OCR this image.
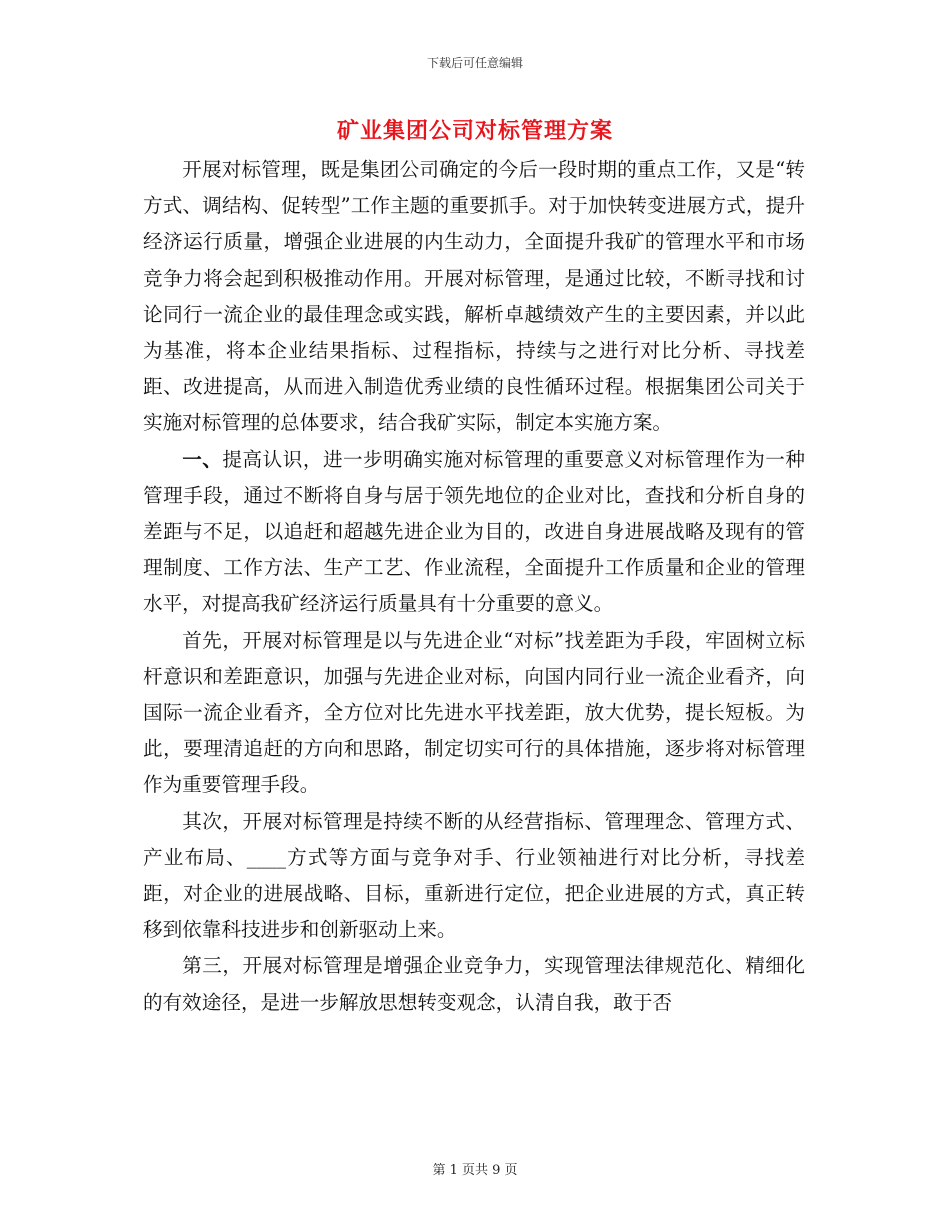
下载后可任意编辑
矿业集团公司对标管理方案

开展对标管理，既是集团公司确定的今后一段时期的重点工作，又是“转方式、调结构、促转型”工作主题的重要抓手。对于加快转变进展方式，提升经济运行质量，增强企业进展的内生动力，全面提升我矿的管理水平和市场竞争力将会起到积极推动作用。开展对标管理，是通过比较，不断寻找和讨论同行一流企业的最佳理念或实践，解析卓越绩效产生的主要因素，并以此为基准，将本企业结果指标、过程指标，持续与之进行对比分析、寻找差距、改进提高，从而进入制造优秀业绩的良性循环过程。根据集团公司关于实施对标管理的总体要求，结合我矿实际，制定本实施方案。

一、提高认识，进一步明确实施对标管理的重要意义对标管理作为一种管理手段，通过不断将自身与居于领先地位的企业对比，查找和分析自身的差距与不足，以追赶和超越先进企业为目的，改进自身进展战略及现有的管理制度、工作方法、生产工艺、作业流程，全面提升工作质量和企业的管理水平，对提高我矿经济运行质量具有十分重要的意义。

首先，开展对标管理是以与先进企业“对标”找差距为手段，牢固树立标杆意识和差距意识，加强与先进企业对标，向国内同行业一流企业看齐，向国际一流企业看齐，全方位对比先进水平找差距，放大优势，提长短板。为此，要理清追赶的方向和思路，制定切实可行的具体措施，逐步将对标管理作为重要管理手段。

其次，开展对标管理是持续不断的从经营指标、管理理念、管理方式、产业布局、____方式等方面与竞争对手、行业领袖进行对比分析，寻找差距，对企业的进展战略、目标，重新进行定位，把企业进展的方式，真正转移到依靠科技进步和创新驱动上来。

第三，开展对标管理是增强企业竞争力，实现管理法律规范化、精细化的有效途径，是进一步解放思想转变观念，认清自我，敢于否

第 1 页共 9 页
